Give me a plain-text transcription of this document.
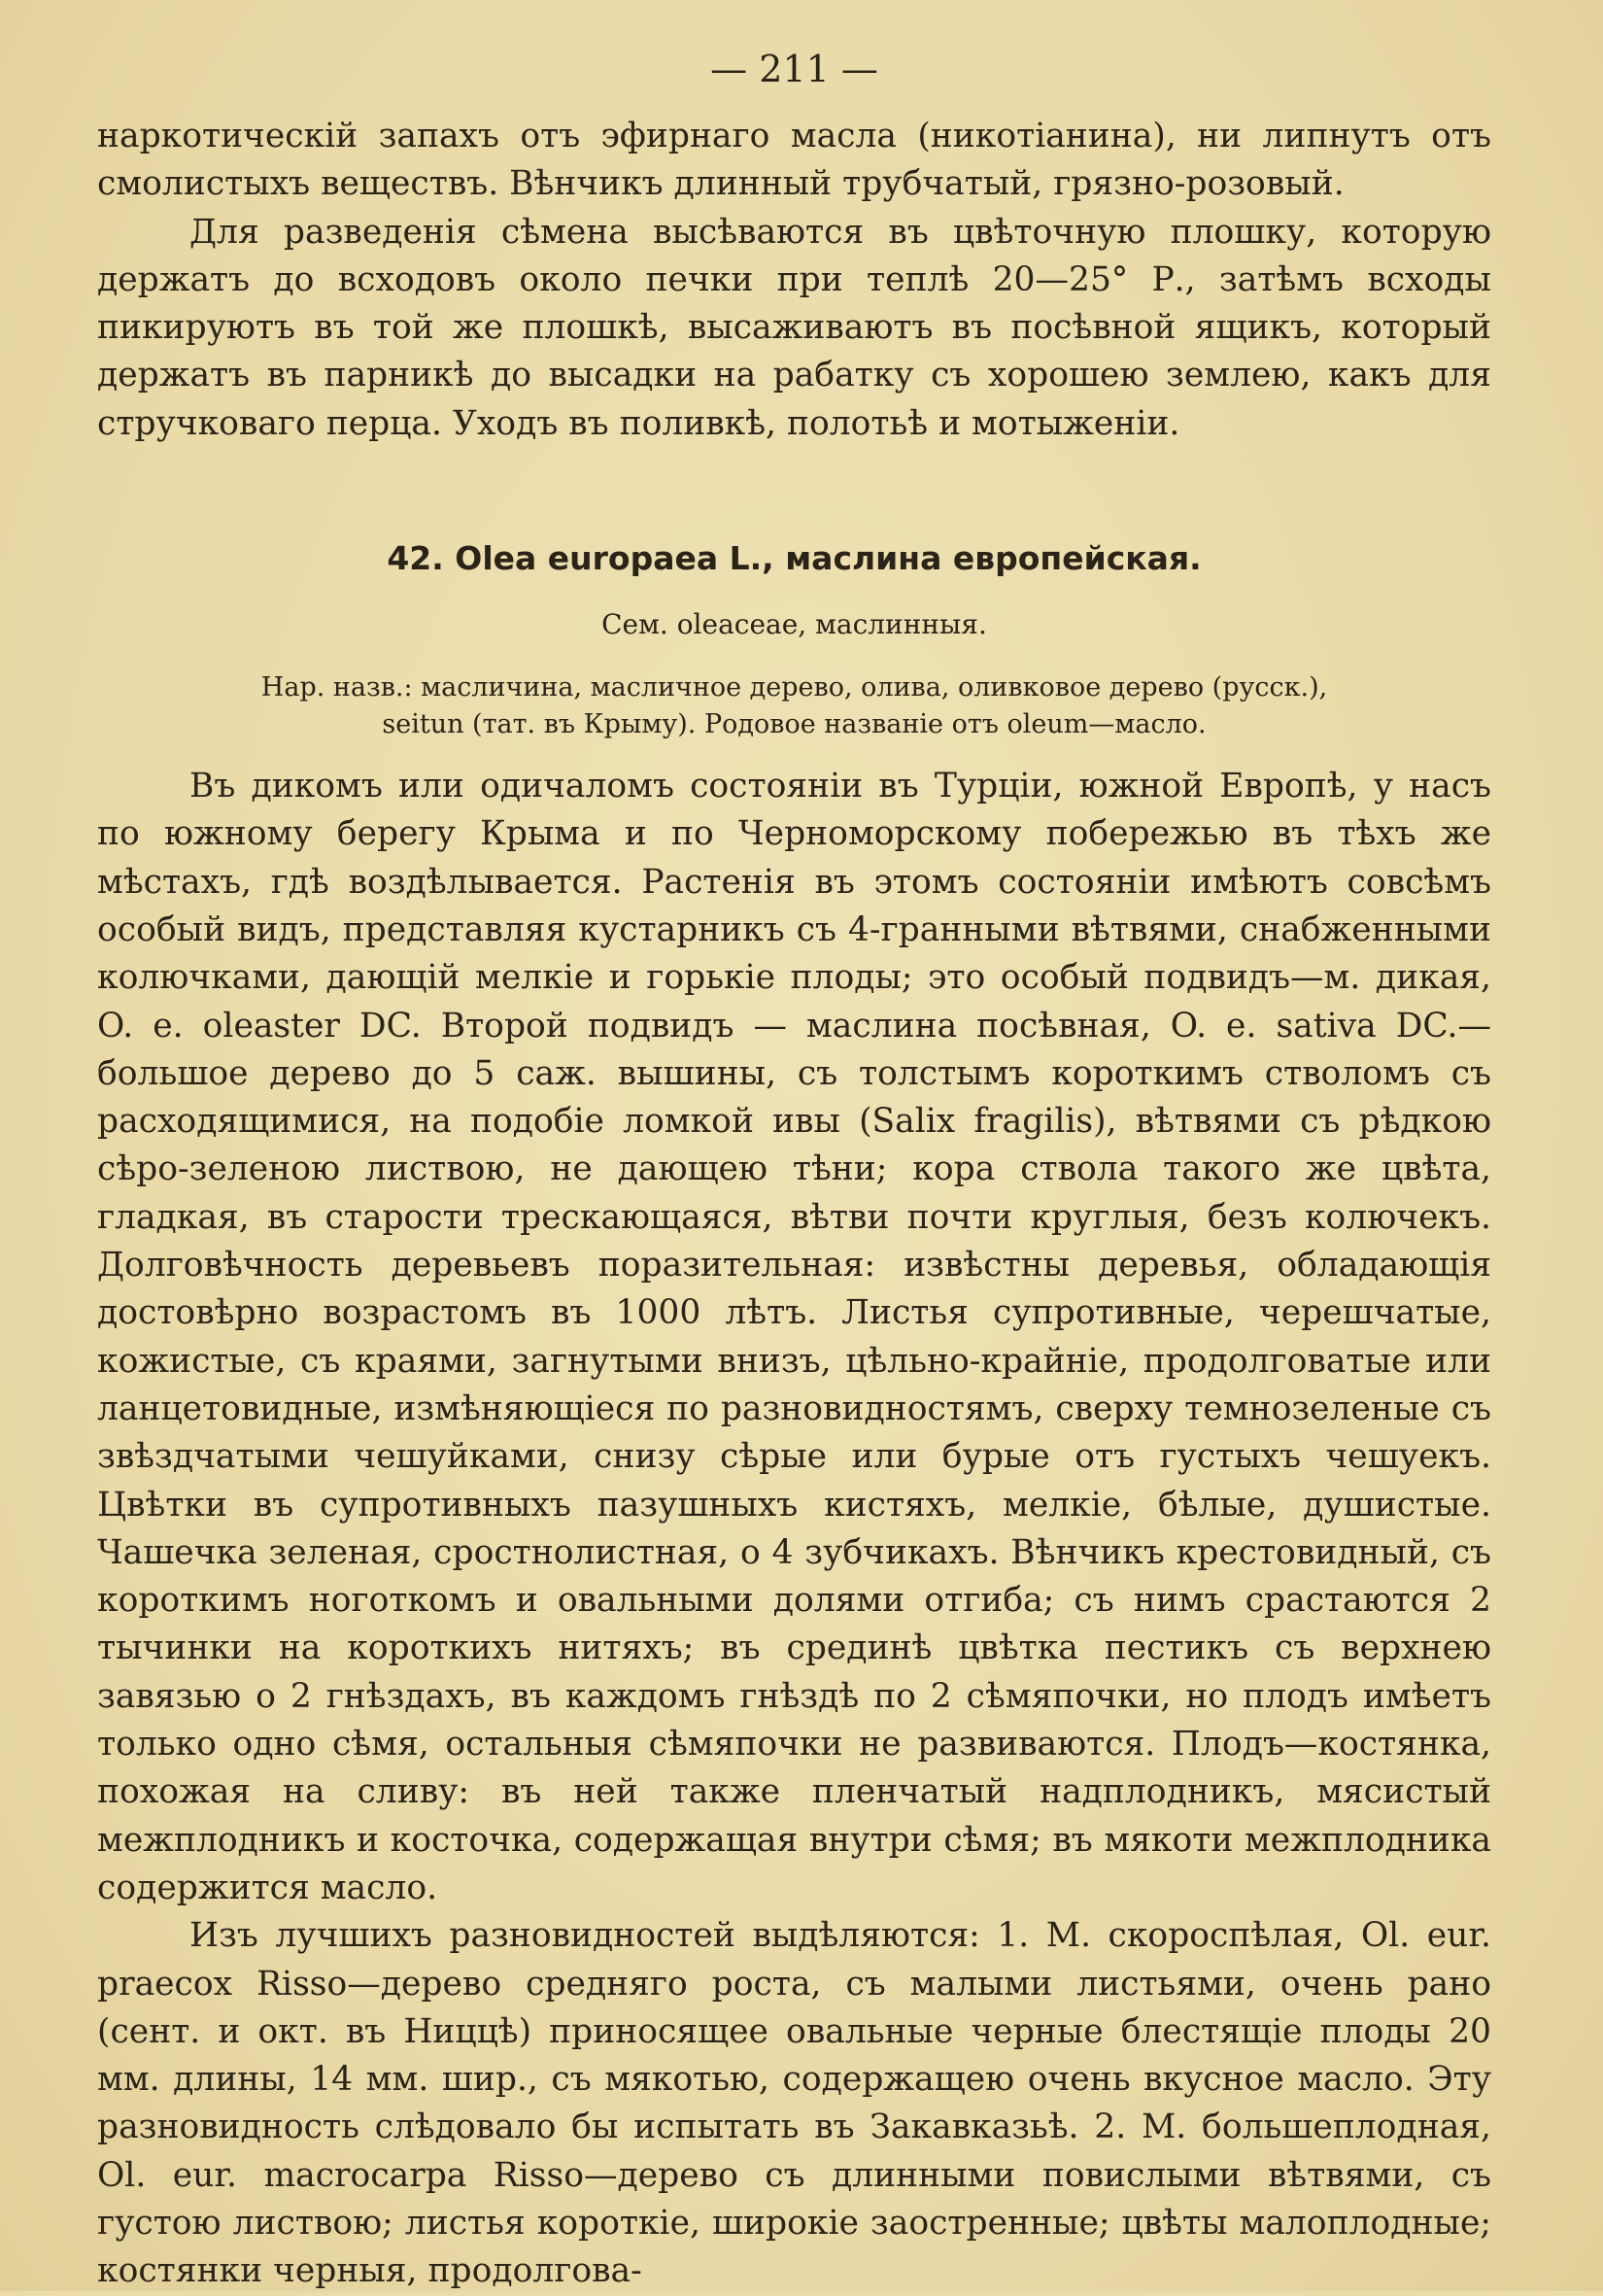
— 211 —

наркотическій запахъ отъ эфирнаго масла (никотіанина), ни липнутъ отъ смолистыхъ веществъ. Вѣнчикъ длинный трубчатый, грязно-розовый.

Для разведенія сѣмена высѣваются въ цвѣточную плошку, которую держатъ до всходовъ около печки при теплѣ 20—25° Р., затѣмъ всходы пикируютъ въ той же плошкѣ, высаживаютъ въ посѣвной ящикъ, который держатъ въ парникѣ до высадки на рабатку съ хорошею землею, какъ для стручковаго перца. Уходъ въ поливкѣ, полотьѣ и мотыженіи.

42. Olea europaea L., маслина европейская.
Сем. oleaceae, маслинныя.
Нар. назв.: масличина, масличное дерево, олива, оливковое дерево (русск.),
seitun (тат. въ Крыму). Родовое названіе отъ oleum—масло.

Въ дикомъ или одичаломъ состояніи въ Турціи, южной Европѣ, у насъ по южному берегу Крыма и по Черноморскому побережью въ тѣхъ же мѣстахъ, гдѣ воздѣлывается. Растенія въ этомъ состояніи имѣютъ совсѣмъ особый видъ, представляя кустарникъ съ 4-гранными вѣтвями, снабженными колючками, дающій мелкіе и горькіе плоды; это особый подвидъ—м. дикая, O. e. oleaster DC. Второй подвидъ — маслина посѣвная, O. e. sativa DC.—большое дерево до 5 саж. вышины, съ толстымъ короткимъ стволомъ съ расходящимися, на подобіе ломкой ивы (Salix fragilis), вѣтвями съ рѣдкою сѣро-зеленою листвою, не дающею тѣни; кора ствола такого же цвѣта, гладкая, въ старости трескающаяся, вѣтви почти круглыя, безъ колючекъ. Долговѣчность деревьевъ поразительная: извѣстны деревья, обладающія достовѣрно возрастомъ въ 1000 лѣтъ. Листья супротивные, черешчатые, кожистые, съ краями, загнутыми внизъ, цѣльно-крайніе, продолговатые или ланцетовидные, измѣняющіеся по разновидностямъ, сверху темнозеленые съ звѣздчатыми чешуйками, снизу сѣрые или бурые отъ густыхъ чешуекъ. Цвѣтки въ супротивныхъ пазушныхъ кистяхъ, мелкіе, бѣлые, душистые. Чашечка зеленая, сростнолистная, о 4 зубчикахъ. Вѣнчикъ крестовидный, съ короткимъ ноготкомъ и овальными долями отгиба; съ нимъ срастаются 2 тычинки на короткихъ нитяхъ; въ срединѣ цвѣтка пестикъ съ верхнею завязью о 2 гнѣздахъ, въ каждомъ гнѣздѣ по 2 сѣмяпочки, но плодъ имѣетъ только одно сѣмя, остальныя сѣмяпочки не развиваются. Плодъ—костянка, похожая на сливу: въ ней также пленчатый надплодникъ, мясистый межплодникъ и косточка, содержащая внутри сѣмя; въ мякоти межплодника содержится масло.

Изъ лучшихъ разновидностей выдѣляются: 1. М. скороспѣлая, Ol. eur. praecox Risso—дерево средняго роста, съ малыми листьями, очень рано (сент. и окт. въ Ниццѣ) приносящее овальные черные блестящіе плоды 20 мм. длины, 14 мм. шир., съ мякотью, содержащею очень вкусное масло. Эту разновидность слѣдовало бы испытать въ Закавказьѣ. 2. М. большеплодная, Ol. eur. macrocarpa Risso—дерево съ длинными повислыми вѣтвями, съ густою листвою; листья короткіе, широкіе заостренные; цвѣты малоплодные; костянки черныя, продолгова-
